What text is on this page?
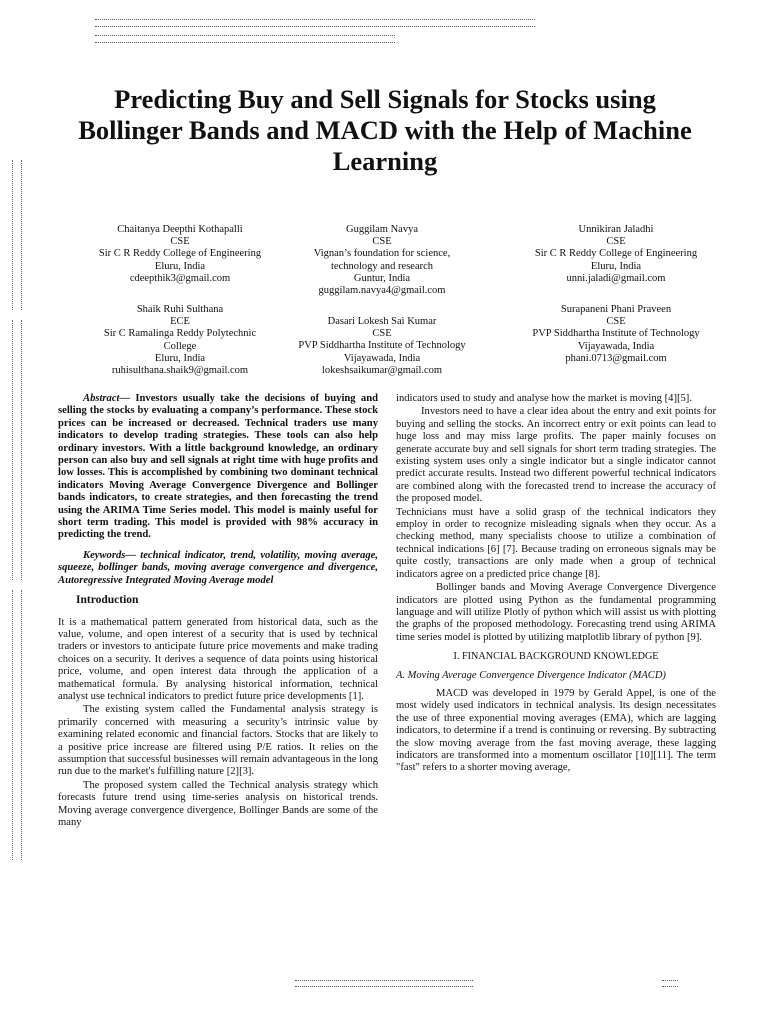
Predicting Buy and Sell Signals for Stocks using Bollinger Bands and MACD with the Help of Machine Learning
Chaitanya Deepthi Kothapalli
CSE
Sir C R Reddy College of Engineering
Eluru, India
cdeepthik3@gmail.com
Guggilam Navya
CSE
Vignan’s foundation for science,
technology and research
Guntur, India
guggilam.navya4@gmail.com
Unnikiran Jaladhi
CSE
Sir C R Reddy College of Engineering
Eluru, India
unni.jaladi@gmail.com
Shaik Ruhi Sulthana
ECE
Sir C Ramalinga Reddy Polytechnic
College
Eluru, India
ruhisulthana.shaik9@gmail.com
Dasari Lokesh Sai Kumar
CSE
PVP Siddhartha Institute of Technology
Vijayawada, India
lokeshsaikumar@gmail.com
Surapaneni Phani Praveen
CSE
PVP Siddhartha Institute of Technology
Vijayawada, India
phani.0713@gmail.com

Abstract— Investors usually take the decisions of buying and selling the stocks by evaluating a company’s performance. These stock prices can be increased or decreased. Technical traders use many indicators to develop trading strategies. These tools can also help ordinary investors. With a little background knowledge, an ordinary person can also buy and sell signals at right time with huge profits and low losses. This is accomplished by combining two dominant technical indicators Moving Average Convergence Divergence and Bollinger bands indicators, to create strategies, and then forecasting the trend using the ARIMA Time Series model. This model is mainly useful for short term trading. This model is provided with 98% accuracy in predicting the trend.

Keywords— technical indicator, trend, volatility, moving average, squeeze, bollinger bands, moving average convergence and divergence, Autoregressive Integrated Moving Average model

Introduction

It is a mathematical pattern generated from historical data, such as the value, volume, and open interest of a security that is used by technical traders or investors to anticipate future price movements and make trading choices on a security. It derives a sequence of data points using historical price, volume, and open interest data through the application of a mathematical formula. By analysing historical information, technical analyst use technical indicators to predict future price developments [1].

The existing system called the Fundamental analysis strategy is primarily concerned with measuring a security’s intrinsic value by examining related economic and financial factors. Stocks that are likely to a positive price increase are filtered using P/E ratios. It relies on the assumption that successful businesses will remain advantageous in the long run due to the market's fulfilling nature [2][3].

The proposed system called the Technical analysis strategy which forecasts future trend using time-series analysis on historical trends. Moving average convergence divergence, Bollinger Bands are some of the many

indicators used to study and analyse how the market is moving [4][5].

Investors need to have a clear idea about the entry and exit points for buying and selling the stocks. An incorrect entry or exit points can lead to huge loss and may miss large profits. The paper mainly focuses on generate accurate buy and sell signals for short term trading strategies. The existing system uses only a single indicator but a single indicator cannot predict accurate results. Instead two different powerful technical indicators are combined along with the forecasted trend to increase the accuracy of the proposed model.

Technicians must have a solid grasp of the technical indicators they employ in order to recognize misleading signals when they occur. As a checking method, many specialists choose to utilize a combination of technical indications [6] [7]. Because trading on erroneous signals may be quite costly, transactions are only made when a group of technical indicators agree on a predicted price change [8].

Bollinger bands and Moving Average Convergence Divergence indicators are plotted using Python as the fundamental programming language and will utilize Plotly of python which will assist us with plotting the graphs of the proposed methodology. Forecasting trend using ARIMA time series model is plotted by utilizing matplotlib library of python [9].

I. FINANCIAL BACKGROUND KNOWLEDGE
A. Moving Average Convergence Divergence Indicator (MACD)

MACD was developed in 1979 by Gerald Appel, is one of the most widely used indicators in technical analysis. Its design necessitates the use of three exponential moving averages (EMA), which are lagging indicators, to determine if a trend is continuing or reversing. By subtracting the slow moving average from the fast moving average, these lagging indicators are transformed into a momentum oscillator [10][11]. The term "fast" refers to a shorter moving average,
